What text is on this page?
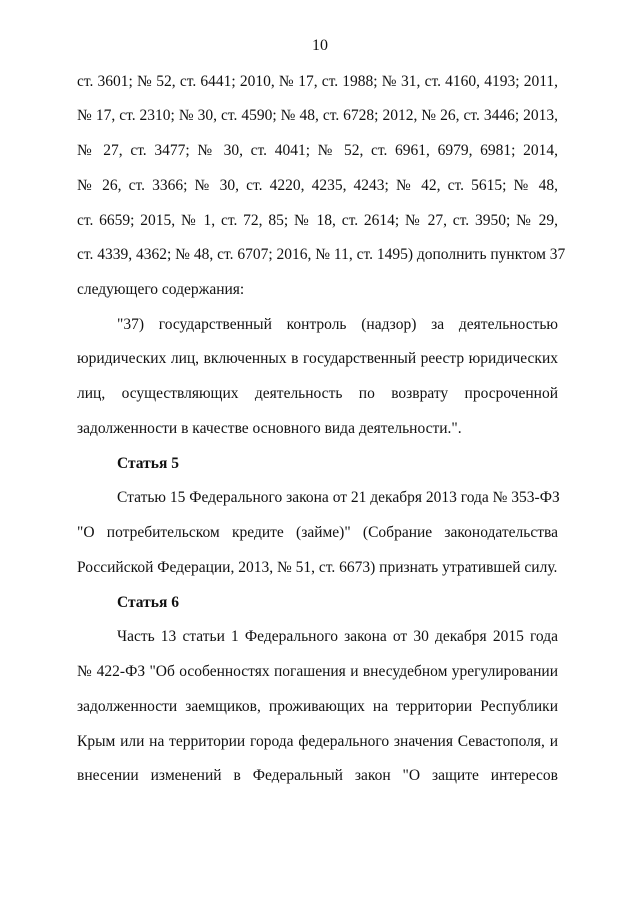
10
ст. 3601; № 52, ст. 6441; 2010, № 17, ст. 1988; № 31, ст. 4160, 4193; 2011,
№ 17, ст. 2310; № 30, ст. 4590; № 48, ст. 6728; 2012, № 26, ст. 3446; 2013,
№ 27, ст. 3477; № 30, ст. 4041; № 52, ст. 6961, 6979, 6981; 2014,
№ 26, ст. 3366; № 30, ст. 4220, 4235, 4243; № 42, ст. 5615; № 48,
ст. 6659; 2015, № 1, ст. 72, 85; № 18, ст. 2614; № 27, ст. 3950; № 29,
ст. 4339, 4362; № 48, ст. 6707; 2016, № 11, ст. 1495) дополнить пунктом 37
следующего содержания:
"37) государственный контроль (надзор) за деятельностью
юридических лиц, включенных в государственный реестр юридических
лиц, осуществляющих деятельность по возврату просроченной
задолженности в качестве основного вида деятельности.".
Статья 5
Статью 15 Федерального закона от 21 декабря 2013 года № 353-ФЗ
"О потребительском кредите (займе)" (Собрание законодательства
Российской Федерации, 2013, № 51, ст. 6673) признать утратившей силу.
Статья 6
Часть 13 статьи 1 Федерального закона от 30 декабря 2015 года
№ 422-ФЗ "Об особенностях погашения и внесудебном урегулировании
задолженности заемщиков, проживающих на территории Республики
Крым или на территории города федерального значения Севастополя, и
внесении изменений в Федеральный закон "О защите интересов
